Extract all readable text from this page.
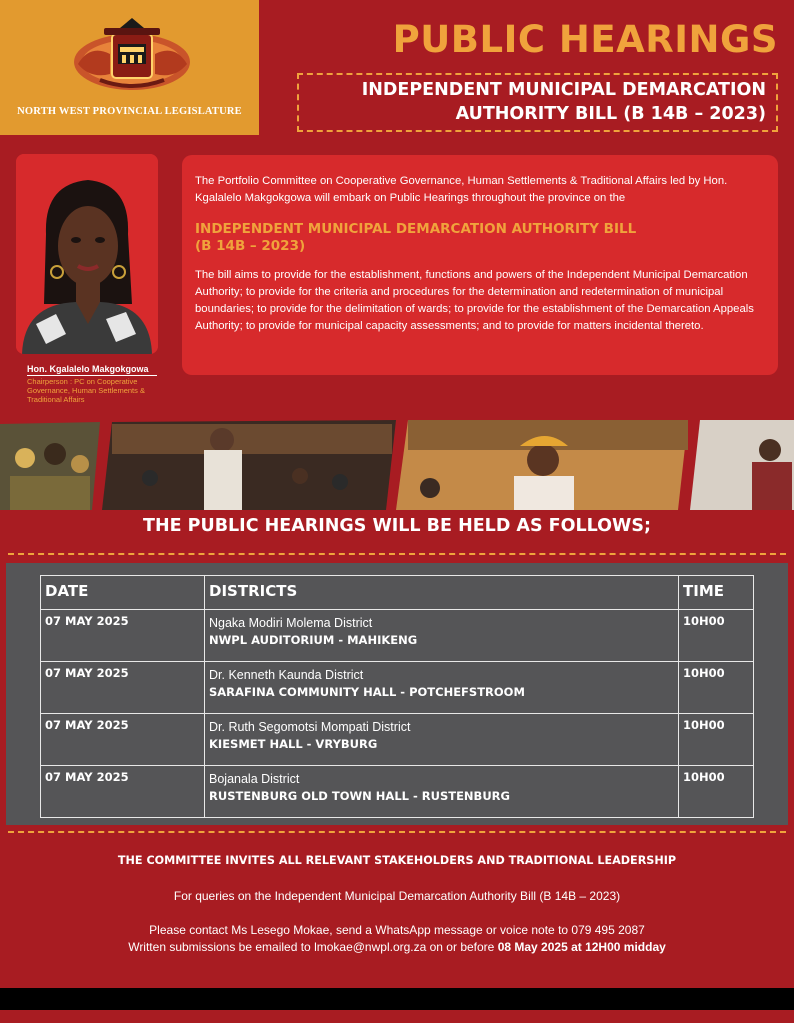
NORTH WEST PROVINCIAL LEGISLATURE
PUBLIC HEARINGS
INDEPENDENT MUNICIPAL DEMARCATION
AUTHORITY BILL (B 14B – 2023)
Hon. Kgalalelo Makgokgowa
Chairperson : PC on Cooperative Governance, Human Settlements & Traditional Affairs

The Portfolio Committee on Cooperative Governance, Human Settlements & Traditional Affairs led by Hon. Kgalalelo Makgokgowa will embark on Public Hearings throughout the province on the

INDEPENDENT MUNICIPAL DEMARCATION AUTHORITY BILL
(B 14B – 2023)

The bill aims to provide for the establishment, functions and powers of the Independent Municipal Demarcation Authority; to provide for the criteria and procedures for the determination and redetermination of municipal boundaries; to provide for the delimitation of wards; to provide for the establishment of the Demarcation Appeals Authority; to provide for municipal capacity assessments; and to provide for matters incidental thereto.

THE PUBLIC HEARINGS WILL BE HELD AS FOLLOWS;
DATE	DISTRICTS	TIME

07 MAY 2025	Ngaka Modiri Molema District
NWPL AUDITORIUM - MAHIKENG	10H00

07 MAY 2025	Dr. Kenneth Kaunda District
SARAFINA COMMUNITY HALL - POTCHEFSTROOM	10H00

07 MAY 2025	Dr. Ruth Segomotsi Mompati District
KIESMET HALL - VRYBURG	10H00

07 MAY 2025	Bojanala District
RUSTENBURG OLD TOWN HALL - RUSTENBURG	10H00
THE COMMITTEE INVITES ALL RELEVANT STAKEHOLDERS AND TRADITIONAL LEADERSHIP
For queries on the Independent Municipal Demarcation Authority Bill (B 14B – 2023)
Please contact Ms Lesego Mokae, send a WhatsApp message or voice note to 079 495 2087
Written submissions be emailed to lmokae@nwpl.org.za on or before 08 May 2025 at 12H00 midday
